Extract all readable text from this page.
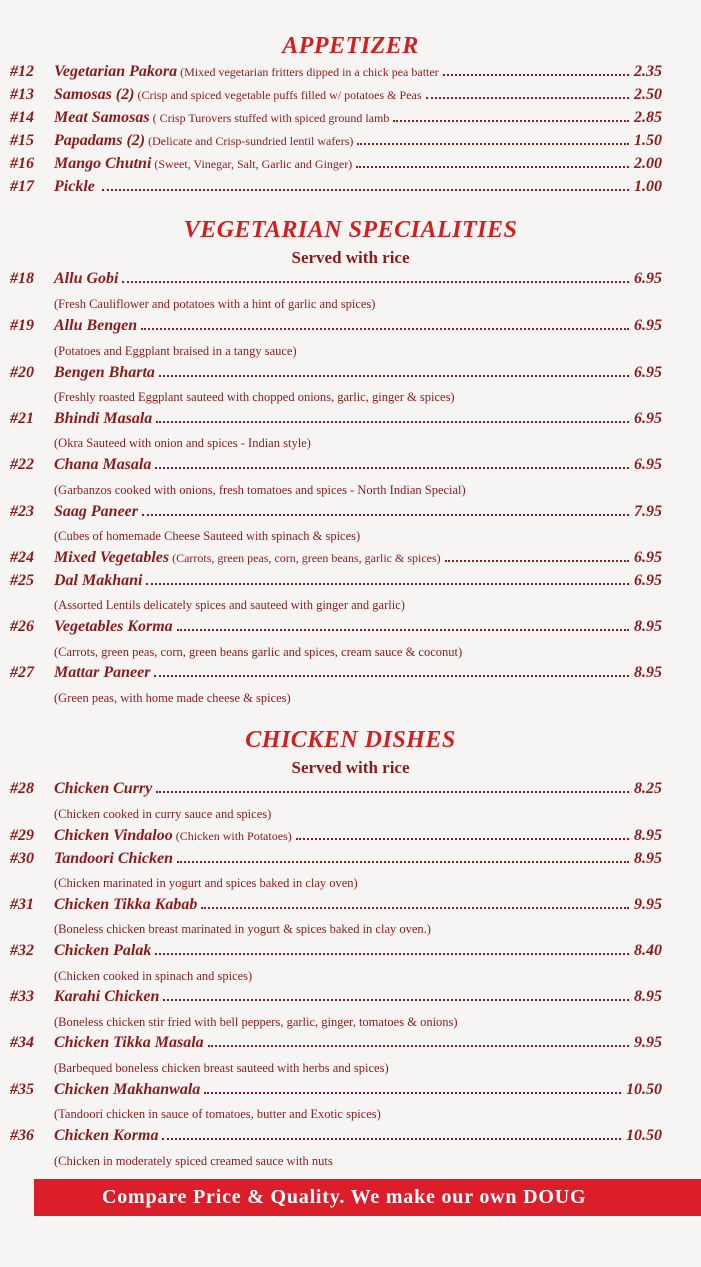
APPETIZER
#12	Vegetarian Pakora (Mixed vegetarian fritters dipped in a chick pea batter	2.35
#13	Samosas (2) (Crisp and spiced vegetable puffs filled w/ potatoes & Peas	2.50
#14	Meat Samosas ( Crisp Turovers stuffed with spiced ground lamb	2.85
#15	Papadams (2) (Delicate and Crisp-sundried lentil wafers)	1.50
#16	Mango Chutni (Sweet, Vinegar, Salt, Garlic and Ginger)	2.00
#17	Pickle	1.00
VEGETARIAN SPECIALITIES
Served with rice
#18	Allu Gobi	6.95
(Fresh Cauliflower and potatoes with a hint of garlic and spices)
#19	Allu Bengen	6.95
(Potatoes and Eggplant braised in a tangy sauce)
#20	Bengen Bharta	6.95
(Freshly roasted Eggplant sauteed with chopped onions, garlic, ginger & spices)
#21	Bhindi Masala	6.95
(Okra Sauteed with onion and spices - Indian style)
#22	Chana Masala	6.95
(Garbanzos cooked with onions, fresh tomatoes and spices - North Indian Special)
#23	Saag Paneer	7.95
(Cubes of homemade Cheese Sauteed with spinach & spices)
#24	Mixed Vegetables (Carrots, green peas, corn, green beans, garlic & spices)	6.95
#25	Dal Makhani	6.95
(Assorted Lentils delicately spices and sauteed with ginger and garlic)
#26	Vegetables Korma	8.95
(Carrots, green peas, corn, green beans garlic and spices, cream sauce & coconut)
#27	Mattar Paneer	8.95
(Green peas, with home made cheese & spices)
CHICKEN DISHES
Served with rice
#28	Chicken Curry	8.25
(Chicken cooked in curry sauce and spices)
#29	Chicken Vindaloo (Chicken with Potatoes)	8.95
#30	Tandoori Chicken	8.95
(Chicken marinated in yogurt and spices baked in clay oven)
#31	Chicken Tikka Kabab	9.95
(Boneless chicken breast marinated in yogurt & spices baked in clay oven.)
#32	Chicken Palak	8.40
(Chicken cooked in spinach and spices)
#33	Karahi Chicken	8.95
(Boneless chicken stir fried with bell peppers, garlic, ginger, tomatoes & onions)
#34	Chicken Tikka Masala	9.95
(Barbequed boneless chicken breast sauteed with herbs and spices)
#35	Chicken Makhanwala	10.50
(Tandoori chicken in sauce of tomatoes, butter and Exotic spices)
#36	Chicken Korma	10.50
(Chicken in moderately spiced creamed sauce with nuts
Compare Price & Quality. We make our own DOUG
